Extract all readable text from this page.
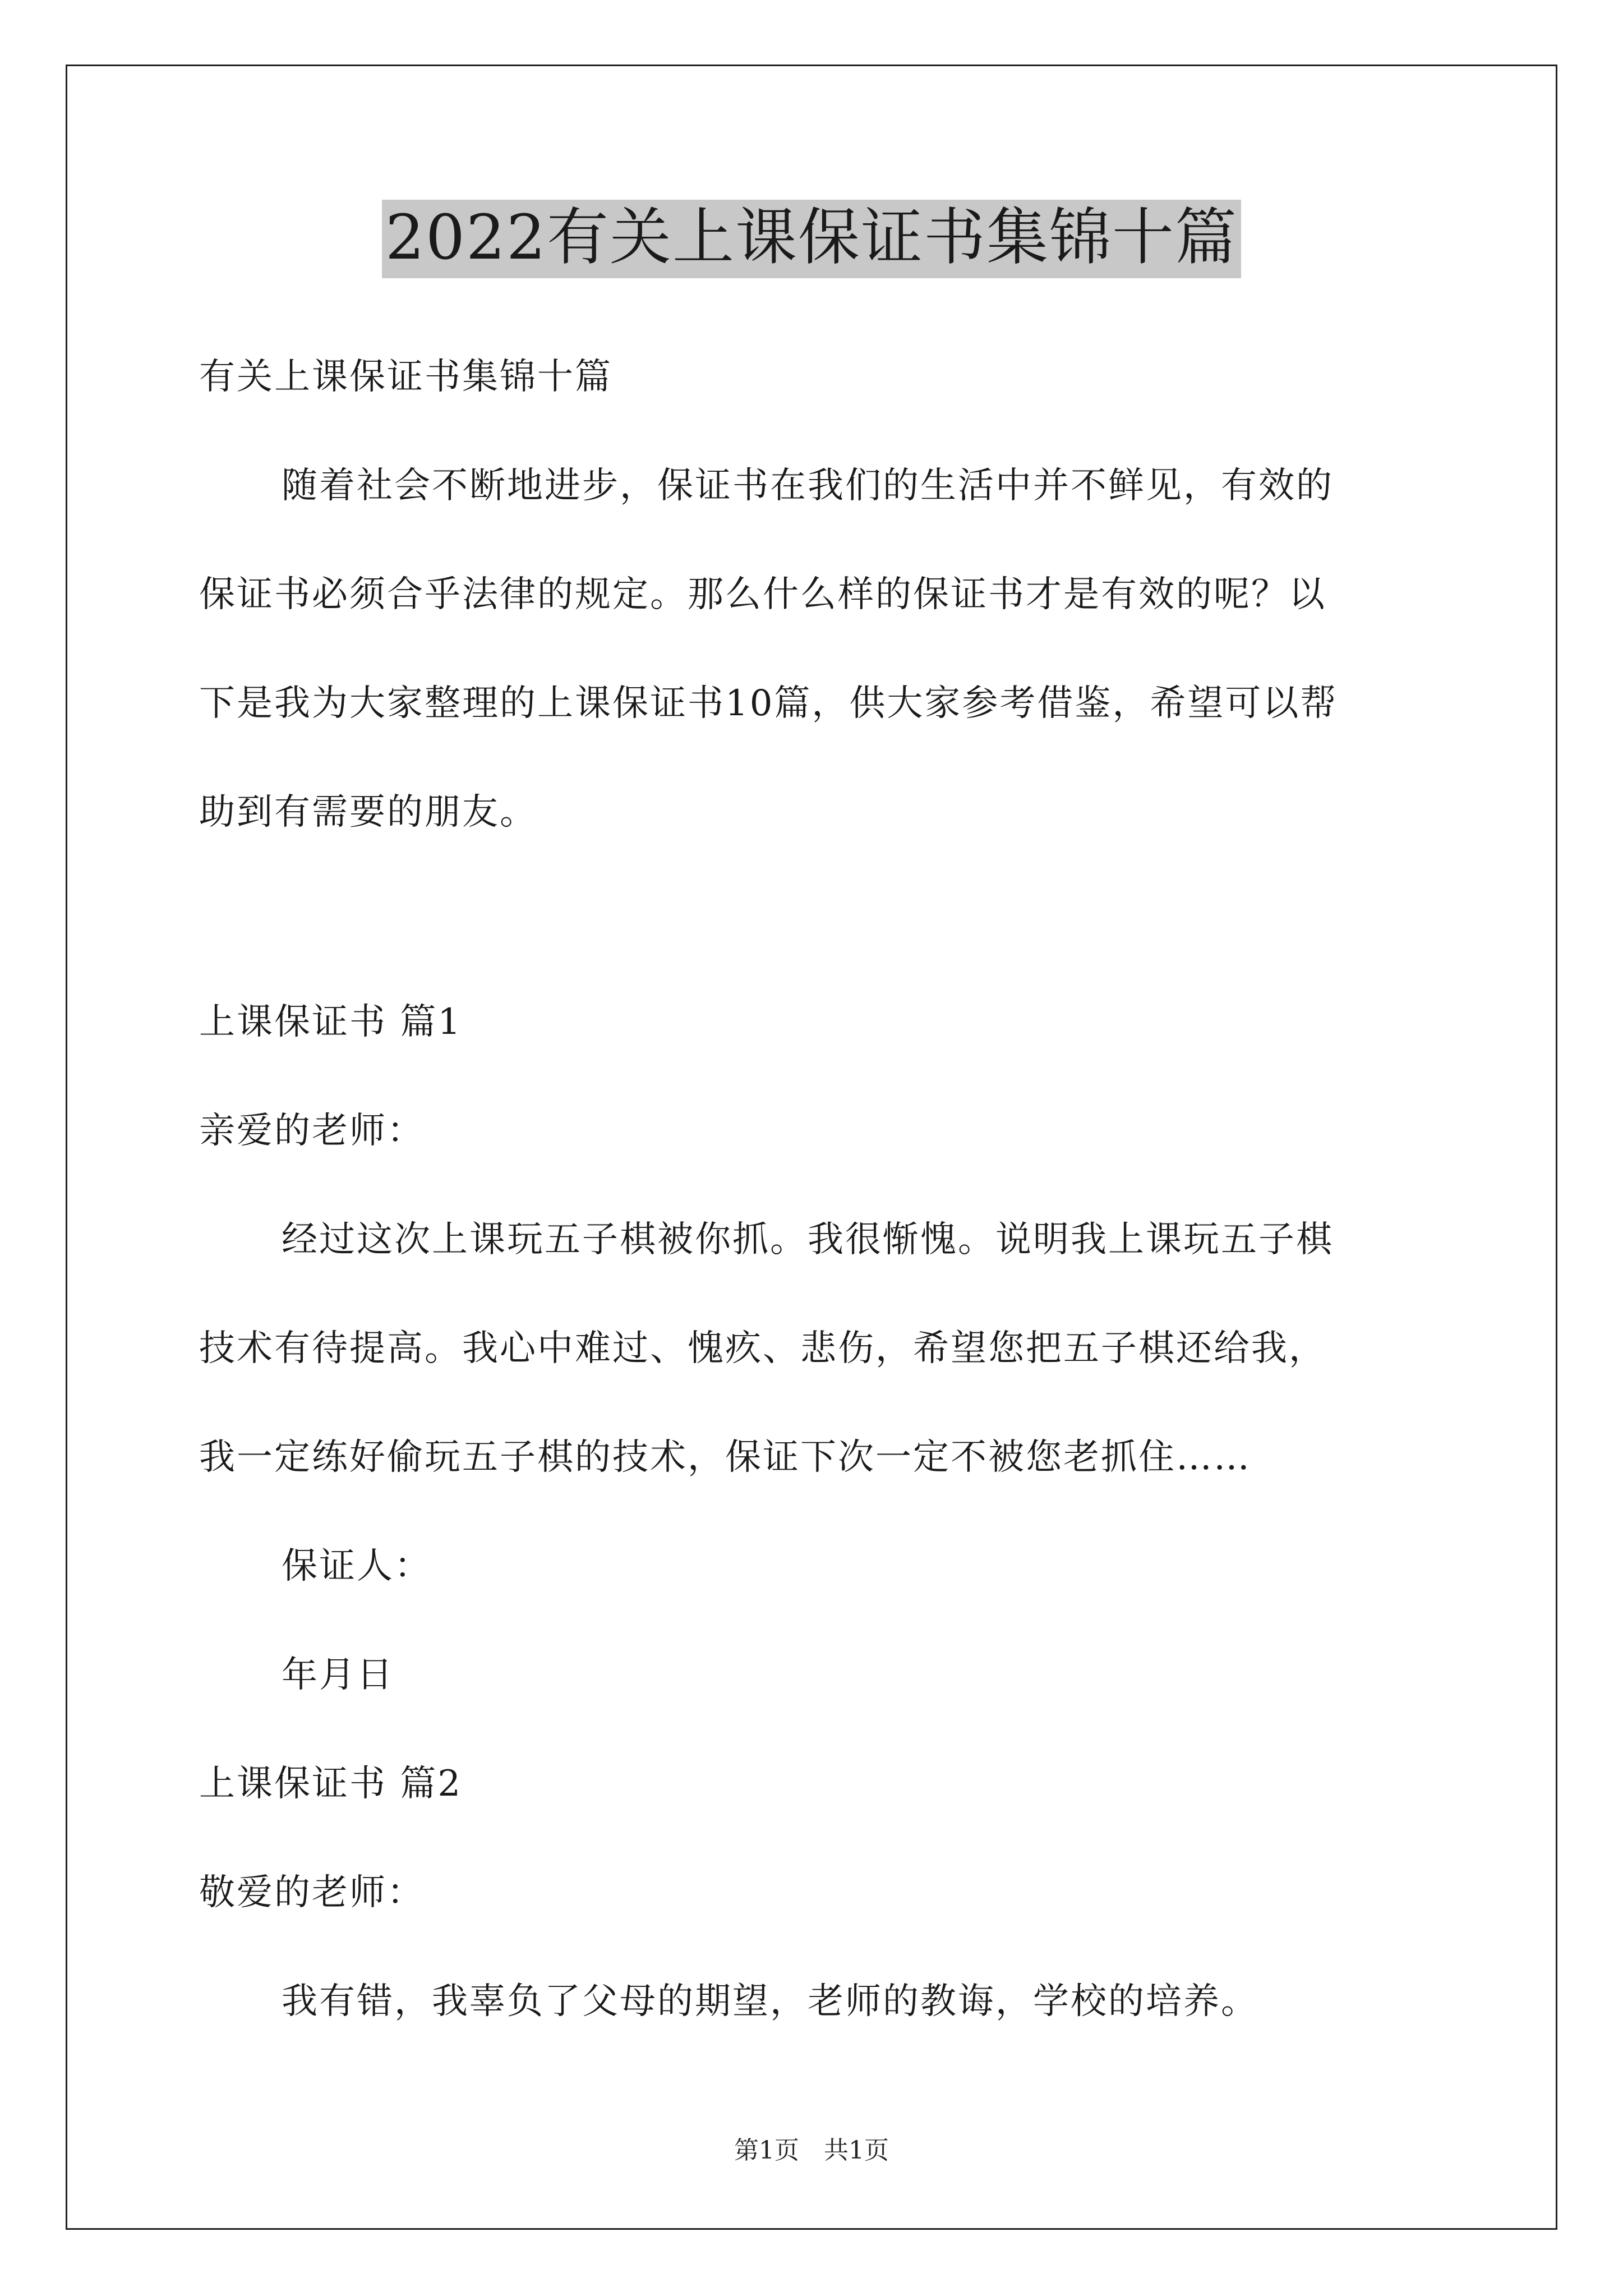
2022有关上课保证书集锦十篇

有关上课保证书集锦十篇

随着社会不断地进步，保证书在我们的生活中并不鲜见，有效的

保证书必须合乎法律的规定。那么什么样的保证书才是有效的呢？以

下是我为大家整理的上课保证书10篇，供大家参考借鉴，希望可以帮

助到有需要的朋友。

上课保证书 篇1

亲爱的老师：

经过这次上课玩五子棋被你抓。我很惭愧。说明我上课玩五子棋

技术有待提高。我心中难过、愧疚、悲伤，希望您把五子棋还给我，

我一定练好偷玩五子棋的技术，保证下次一定不被您老抓住……

保证人：

年月日

上课保证书 篇2

敬爱的老师：

我有错，我辜负了父母的期望，老师的教诲，学校的培养。

第1页　共1页
